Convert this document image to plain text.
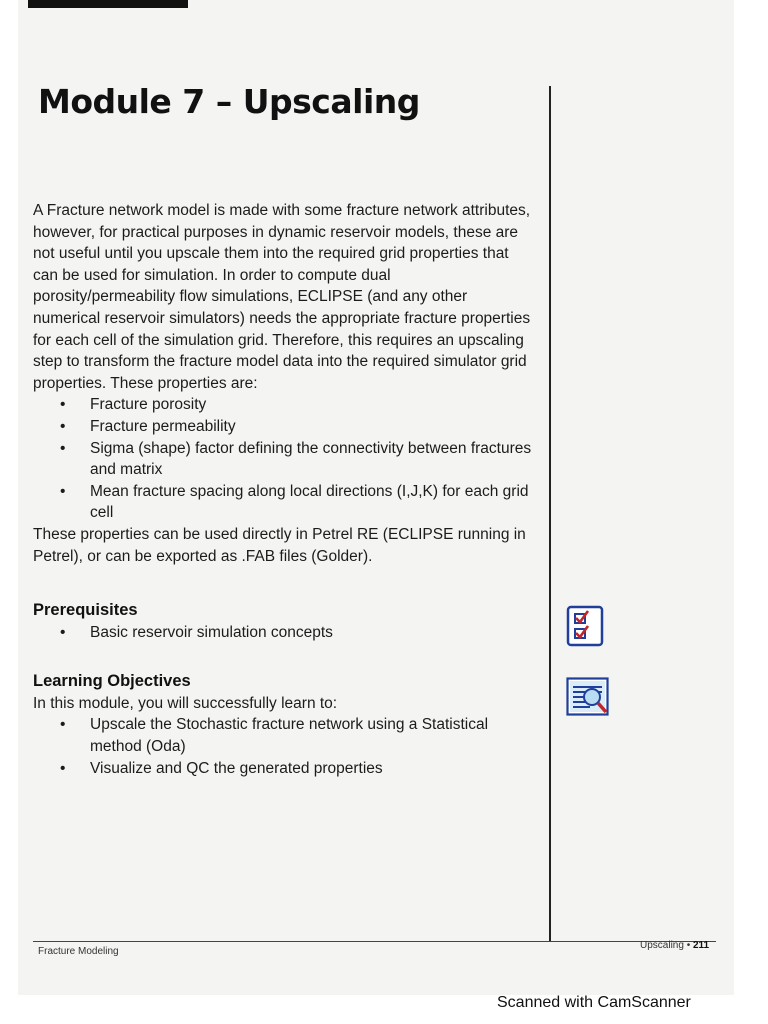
Module 7 – Upscaling

A Fracture network model is made with some fracture network attributes, however, for practical purposes in dynamic reservoir models, these are not useful until you upscale them into the required grid properties that can be used for simulation. In order to compute dual porosity/permeability flow simulations, ECLIPSE (and any other numerical reservoir simulators) needs the appropriate fracture properties for each cell of the simulation grid. Therefore, this requires an upscaling step to transform the fracture model data into the required simulator grid properties. These properties are:

• Fracture porosity
• Fracture permeability
• Sigma (shape) factor defining the connectivity between fractures and matrix
• Mean fracture spacing along local directions (I,J,K) for each grid cell

These properties can be used directly in Petrel RE (ECLIPSE running in Petrel), or can be exported as .FAB files (Golder).

Prerequisites

• Basic reservoir simulation concepts

Learning Objectives

In this module, you will successfully learn to:

• Upscale the Stochastic fracture network using a Statistical method (Oda)
• Visualize and QC the generated properties
Fracture Modeling
Upscaling • 211
Scanned with CamScanner
